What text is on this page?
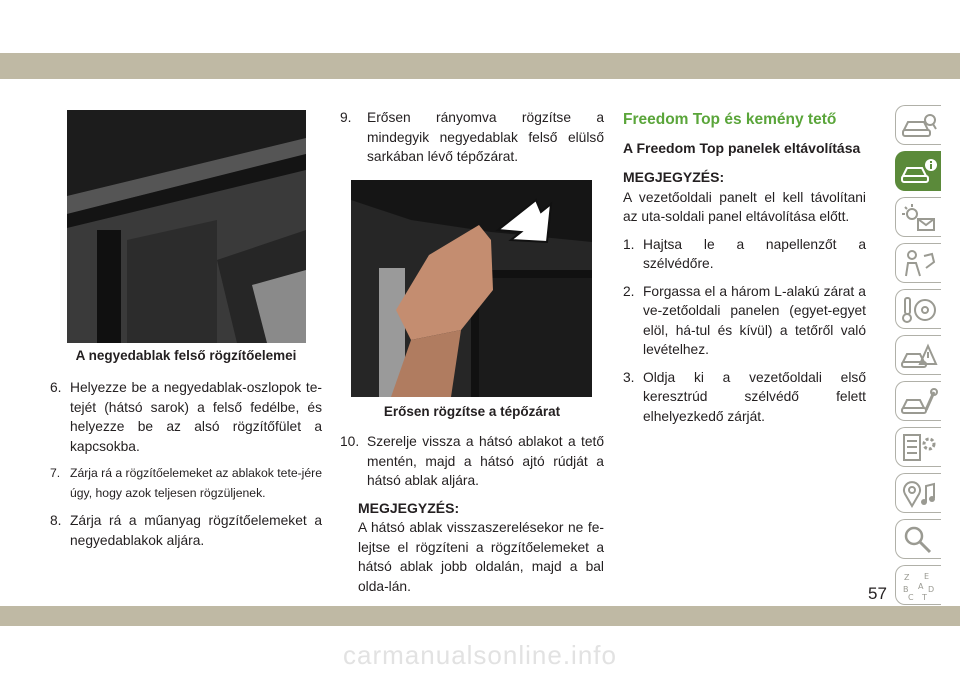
A negyedablak felső rögzítőelemei

6. Helyezze be a negyedablak-oszlopok te-tejét (hátsó sarok) a felső fedélbe, és helyezze be az alsó rögzítőfület a kapcsokba.

7. Zárja rá a rögzítőelemeket az ablakok tete-jére úgy, hogy azok teljesen rögzüljenek.

8. Zárja rá a műanyag rögzítőelemeket a negyedablakok aljára.

9. Erősen rányomva rögzítse a mindegyik negyedablak felső elülső sarkában lévő tépőzárat.

Erősen rögzítse a tépőzárat

10. Szerelje vissza a hátsó ablakot a tető mentén, majd a hátsó ajtó rúdját a hátsó ablak aljára.

MEGJEGYZÉS:

A hátsó ablak visszaszerelésekor ne fe-lejtse el rögzíteni a rögzítőelemeket a hátsó ablak jobb oldalán, majd a bal olda-lán.

Freedom Top és kemény tető

A Freedom Top panelek eltávolítása

MEGJEGYZÉS:

A vezetőoldali panelt el kell távolítani az uta-soldali panel eltávolítása előtt.

1. Hajtsa le a napellenzőt a szélvédőre.

2. Forgassa el a három L-alakú zárat a ve-zetőoldali panelen (egyet-egyet elöl, há-tul és kívül) a tetőről való levételhez.

3. Oldja ki a vezetőoldali első keresztrúd szélvédő felett elhelyezkedő zárját.

Z E
A
B D
C T
57
carmanualsonline.info
